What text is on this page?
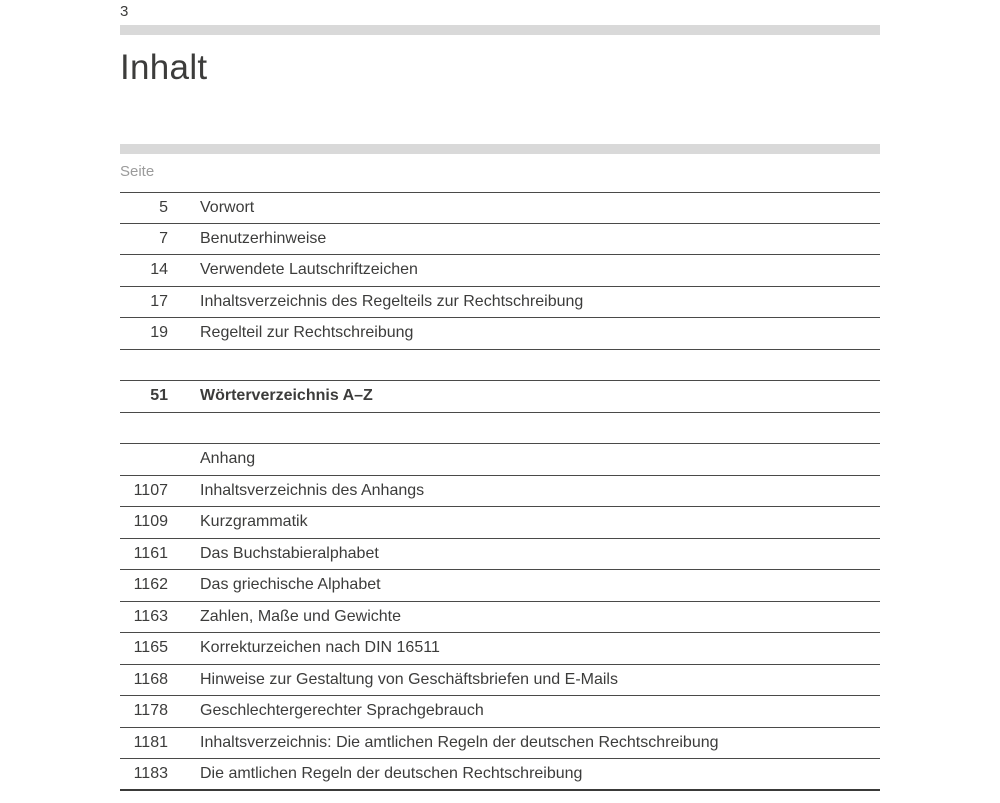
3
Inhalt
Seite
5 Vorwort
7 Benutzerhinweise
14 Verwendete Lautschriftzeichen
17 Inhaltsverzeichnis des Regelteils zur Rechtschreibung
19 Regelteil zur Rechtschreibung
51 Wörterverzeichnis A–Z
Anhang
1107 Inhaltsverzeichnis des Anhangs
1109 Kurzgrammatik
1161 Das Buchstabieralphabet
1162 Das griechische Alphabet
1163 Zahlen, Maße und Gewichte
1165 Korrekturzeichen nach DIN 16511
1168 Hinweise zur Gestaltung von Geschäftsbriefen und E-Mails
1178 Geschlechtergerechter Sprachgebrauch
1181 Inhaltsverzeichnis: Die amtlichen Regeln der deutschen Rechtschreibung
1183 Die amtlichen Regeln der deutschen Rechtschreibung
